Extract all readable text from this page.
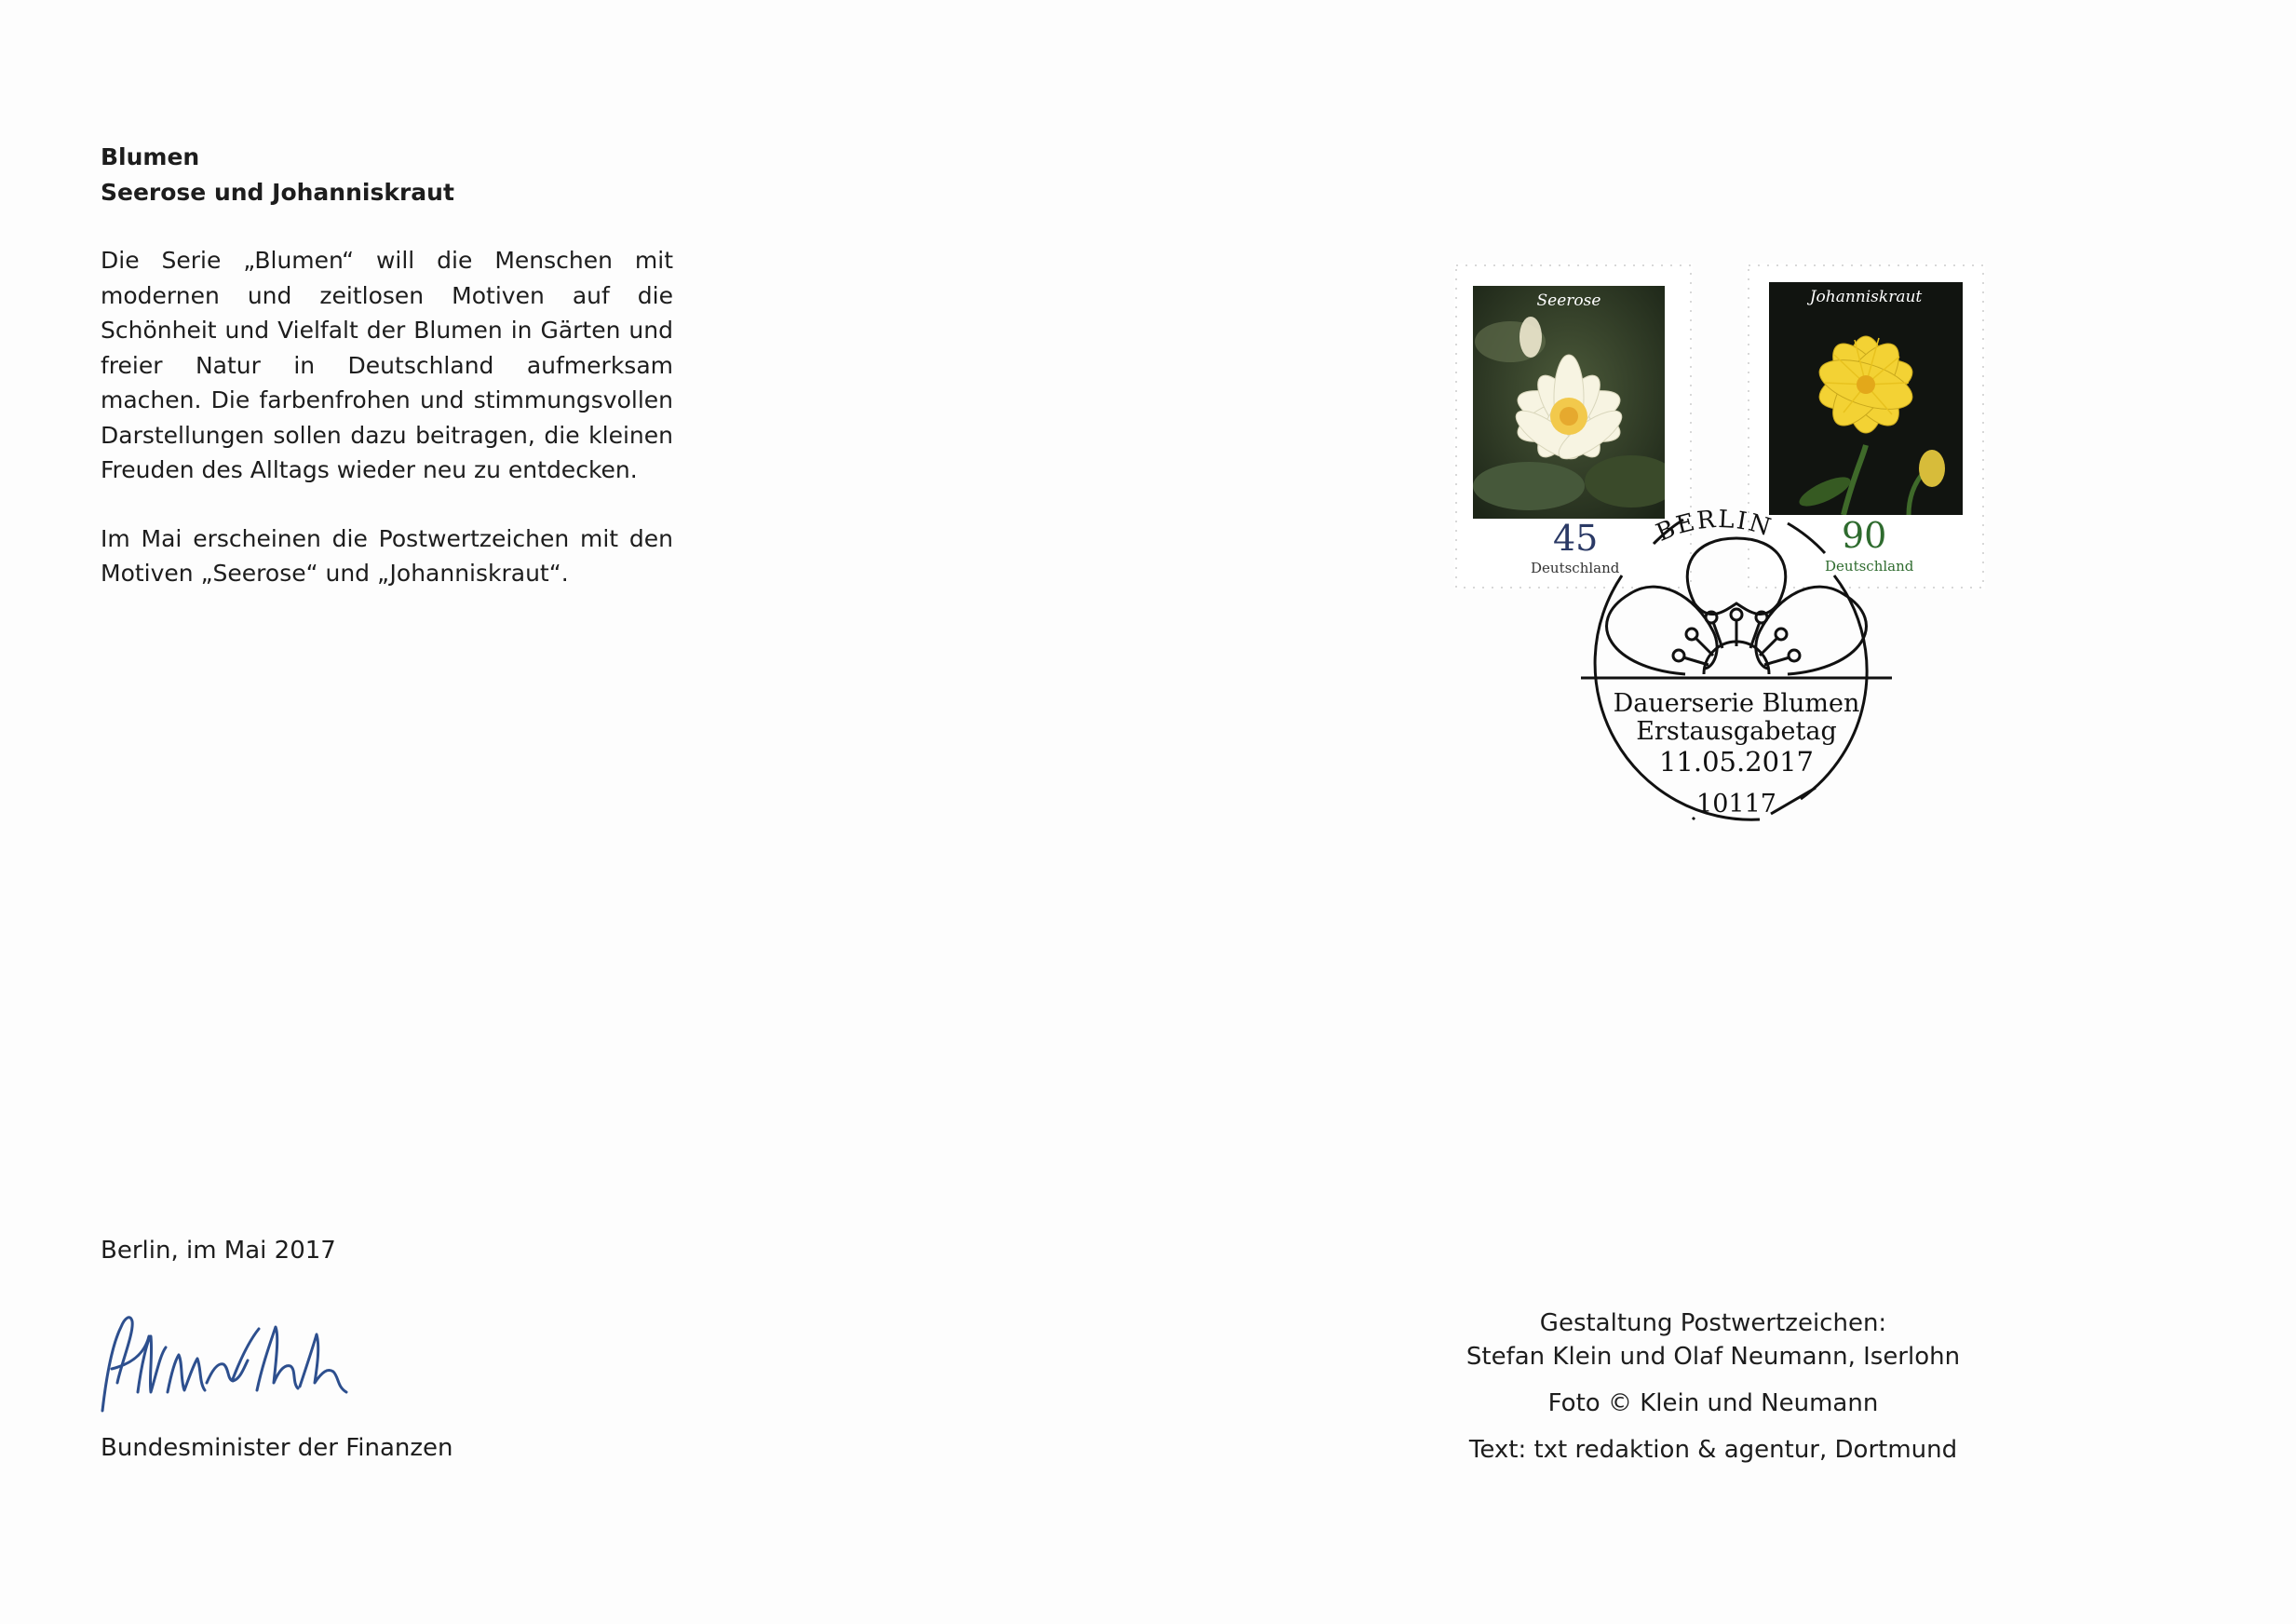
Blumen

Seerose und Johanniskraut

Die Serie „Blumen“ will die Menschen mit modernen und zeitlosen Motiven auf die Schönheit und Vielfalt der Blumen in Gärten und freier Natur in Deutschland aufmerksam machen. Die farbenfrohen und stimmungsvollen Darstellungen sollen dazu beitragen, die kleinen Freuden des Alltags wieder neu zu entdecken.

Im Mai erscheinen die Postwertzeichen mit den Motiven „Seerose“ und „Johanniskraut“.

Berlin, im Mai 2017
Bundesminister der Finanzen
Seerose
45
Deutschland
Johanniskraut
90
Deutschland
BERLIN
Dauerserie Blumen
Erstausgabetag
11.05.2017
10117
Gestaltung Postwertzeichen:
Stefan Klein und Olaf Neumann, Iserlohn
Foto © Klein und Neumann
Text: txt redaktion & agentur, Dortmund
